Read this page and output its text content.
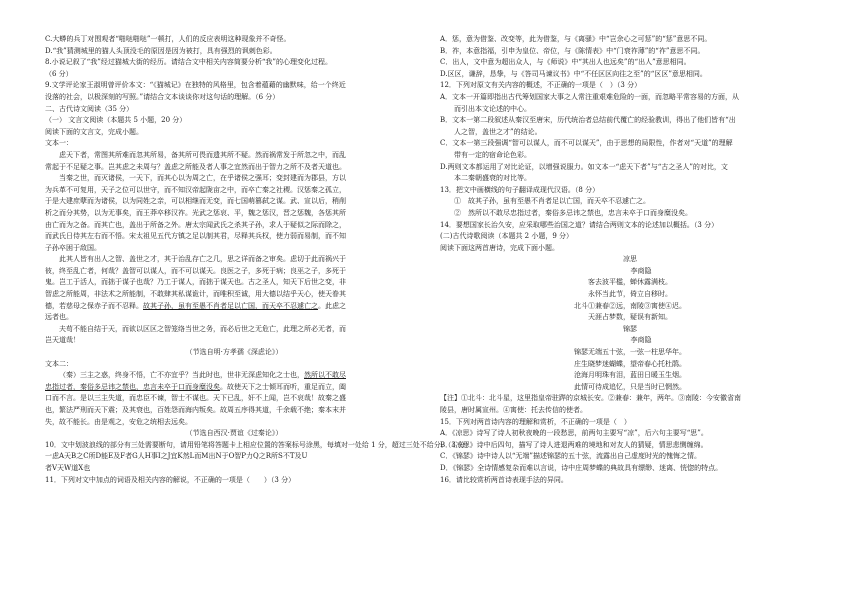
C.大蟒的兵丁对围观者“啪哒啪哒”一顿打，人们的反应表明这种现象并不奇怪。
D.“我”猜测城里的猫人头顶没毛的原因是因为被打，具有强烈的讽刺色彩。
8.小说记叙了“我”经过猫城大街的经历。请结合文中相关内容简要分析“我”的心理变化过程。
（6 分）
9.文学评论家王淑明曾评价本文：“《猫城记》在独特的风格里，包含着蕴藉的幽默味，给一个终近
没落的社会，以极深刻的写照。”请结合文本谈谈你对这句话的理解。（6 分）
二、古代诗文阅读（35 分）
（一） 文言文阅读（本题共 5 小题，20 分）
阅读下面的文言文，完成小题。
文本一：
虑天下者，常图其所难而忽其所易，备其所可畏而遗其所不疑。然而祸常发于所忽之中，而乱
常起于不足疑之事。岂其虑之未周与？盖虑之所能及者人事之宜然而出于智力之所不及者天道也。
当秦之世，而灭诸侯，一天下，而其心以为周之亡，在乎诸侯之强耳；变封建而为郡县，方以
为兵革不可复用，天子之位可以世守，而不知汉帝起陇亩之中，而卒亡秦之社稷。汉惩秦之孤立，
于是大建庶孽而为诸侯，以为同姓之亲，可以相继而无变，而七国萌篡弑之谋。武、宣以后，稍削
析之而分其势，以为无事矣，而王莽卒移汉祚。光武之惩哀、平，魏之惩汉，晋之惩魏，各惩其所
由亡而为之备。而其亡也，盖出于所备之外。唐太宗闻武氏之杀其子孙，求人于疑似之际而除之，
而武氏日侍其左右而不悟。宋太祖见五代方镇之足以制其君，尽释其兵权，使力弱而易制，而不知
子孙卒困于敌国。
此其人皆有出人之智、盖世之才，其于治乱存亡之几，思之详而备之审矣。虑切于此而祸兴于
彼，终至乱亡者，何哉？盖智可以谋人，而不可以谋天。良医之子，多死于病；良巫之子，多死于
鬼。岂工于活人，而拙于谋子也哉？乃工于谋人，而拙于谋天也。古之圣人，知天下后世之变，非
智虑之所能周，非法术之所能制，不敢肆其私谋诡计，而唯积至诚，用大德以结乎天心，使天眷其
德，若慈母之保赤子而不忍释。故其子孙，虽有至愚不肖者足以亡国，而天卒不忍遽亡之。此虑之
远者也。
夫苟不能自结于天，而欲以区区之智笼络当世之务，而必后世之无危亡，此理之所必无者，而
岂天道哉！
（节选自明·方孝孺《深虑论》）
文本二：
（秦）三主之惑，终身不悟，亡不亦宜乎？当此时也，世非无深虑知化之士也，然所以不敢尽
忠指过者，秦俗多忌讳之禁也，忠言未卒于口而身糜没矣。故使天下之士倾耳而听，重足而立，阖
口而不言。是以三主失道，而忠臣不谏，智士不谋也。天下已乱，奸不上闻，岂不哀哉！故秦之盛
也，繁法严刑而天下震；及其衰也，百姓怨而海内叛矣。故周五序得其道，千余载不绝；秦本末并
失，故不能长。由是观之，安危之统相去远矣。
（节选自西汉·贾谊《过秦论》）
10．文中划波浪线的部分有三处需要断句，请用铅笔将答题卡上相应位置的答案标号涂黑，每填对一处给 1 分，超过三处不给分。（3 分）
一虑A天B之C所D能E及F者G人H事I之J宜K然L而M出N于O智P力Q之R所S不T及U
者V天W道X也
11．下列对文中加点的词语及相关内容的解说，不正确的一项是（　　）（3 分）
A．惩，意为借鉴、改变等，此为借鉴，与《离骚》中“岂余心之可惩”的“惩”意思不同。
B．祚，本意指福，引申为皇位、帝位，与《陈情表》中“门衰祚薄”的“祚”意思不同。
C．出人，文中意为超出众人，与《师说》中“其出人也远矣”的“出人”意思相同。
D.区区，谦辞，恳挚，与《答司马谏议书》中“不任区区向往之至”的“区区”意思相同。
12．下列对原文有关内容的概述，不正确的一项是（　）（3 分）
A．文本一开篇即指出古代筹划国家大事之人常注重艰难危险的一面，而忽略平常容易的方面，从
而引出本文论述的中心。
B．文本一第二段叙述从秦汉至唐宋，历代统治者总结前代覆亡的经验教训，得出了他们皆有“出
人之智，盖世之才”的结论。
C．文本一第三段强调“智可以谋人，而不可以谋天”，由于思想的局限性，作者对“天道”的理解
带有一定的宿命论色彩。
D.两则文本都运用了对比论证，以增强说服力。如文本一“虑天下者”与“古之圣人”的对比，文
本二秦朝盛衰的对比等。
13．把文中画横线的句子翻译成现代汉语。（8 分）
①　故其子孙，虽有至愚不肖者足以亡国，而天卒不忍遽亡之。
②　然所以不敢尽忠指过者，秦俗多忌讳之禁也，忠言未卒于口而身糜没矣。
14．要想国家长治久安，应采取哪些治国之道？请结合两则文本的论述加以概括。（3 分）
(二)古代诗歌阅读（本题共 2 小题，9 分）
阅读下面这两首唐诗，完成下面小题。
凉思
李商隐
客去波平槛，蝉休露满枝。
永怀当此节，倚立自移时。
北斗①兼春②远，南陵③寓使④迟。
天涯占梦数，疑误有新知。
锦瑟
李商隐
锦瑟无端五十弦，一弦一柱思华年。
庄生晓梦迷蝴蝶，望帝春心托杜鹃。
沧海月明珠有泪，蓝田日暖玉生烟。
此情可待成追忆，只是当时已惘然。
【注】①北斗：北斗星，这里指皇帝驻跸的京城长安。②兼春：兼年，两年。③南陵：今安徽省南
陵县，唐时属宣州。④寓使：托去传信的使者。
15．下列对两首诗内容的理解和赏析，不正确的一项是（　）
A．《凉思》诗写了诗人初秋夜晚的一段愁思，前两句主要写“凉”，后六句主要写“思”。
B．《凉思》诗中后四句，描写了诗人进退两难的境地和对友人的猜疑，情思悲恻缠绵。
C．《锦瑟》诗中诗人以“无端”描述锦瑟的五十弦，流露出自己虚度时光的愧悔之情。
D．《锦瑟》全诗情感复杂而难以言说，诗中庄周梦蝶的典故具有缥缈、迷离、恍惚的特点。
16．请比较赏析两首诗表现手法的异同。
